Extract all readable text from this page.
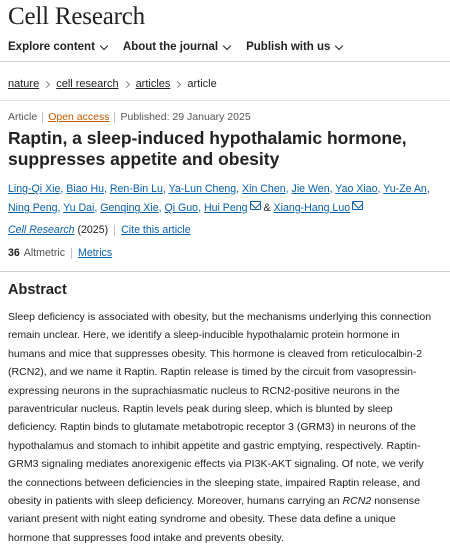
Cell Research
Explore content About the journal Publish with us
nature cell research articles article
Article Open access Published: 29 January 2025
Raptin, a sleep-induced hypothalamic hormone, suppresses appetite and obesity
Ling-Qi Xie, Biao Hu, Ren-Bin Lu, Ya-Lun Cheng, Xin Chen, Jie Wen, Yao Xiao, Yu-Ze An, Ning Peng, Yu Dai, Genqing Xie, Qi Guo, Hui Peng & Xiang-Hang Luo
Cell Research
(2025) Cite this article
36 Altmetric Metrics
Abstract

Sleep deficiency is associated with obesity, but the mechanisms underlying this connection remain unclear. Here, we identify a sleep-inducible hypothalamic protein hormone in humans and mice that suppresses obesity. This hormone is cleaved from reticulocalbin-2 (RCN2), and we name it Raptin. Raptin release is timed by the circuit from vasopressin-expressing neurons in the suprachiasmatic nucleus to RCN2-positive neurons in the paraventricular nucleus. Raptin levels peak during sleep, which is blunted by sleep deficiency. Raptin binds to glutamate metabotropic receptor 3 (GRM3) in neurons of the hypothalamus and stomach to inhibit appetite and gastric emptying, respectively. Raptin-GRM3 signaling mediates anorexigenic effects via PI3K-AKT signaling. Of note, we verify the connections between deficiencies in the sleeping state, impaired Raptin release, and obesity in patients with sleep deficiency. Moreover, humans carrying an RCN2 nonsense variant present with night eating syndrome and obesity. These data define a unique hormone that suppresses food intake and prevents obesity.
